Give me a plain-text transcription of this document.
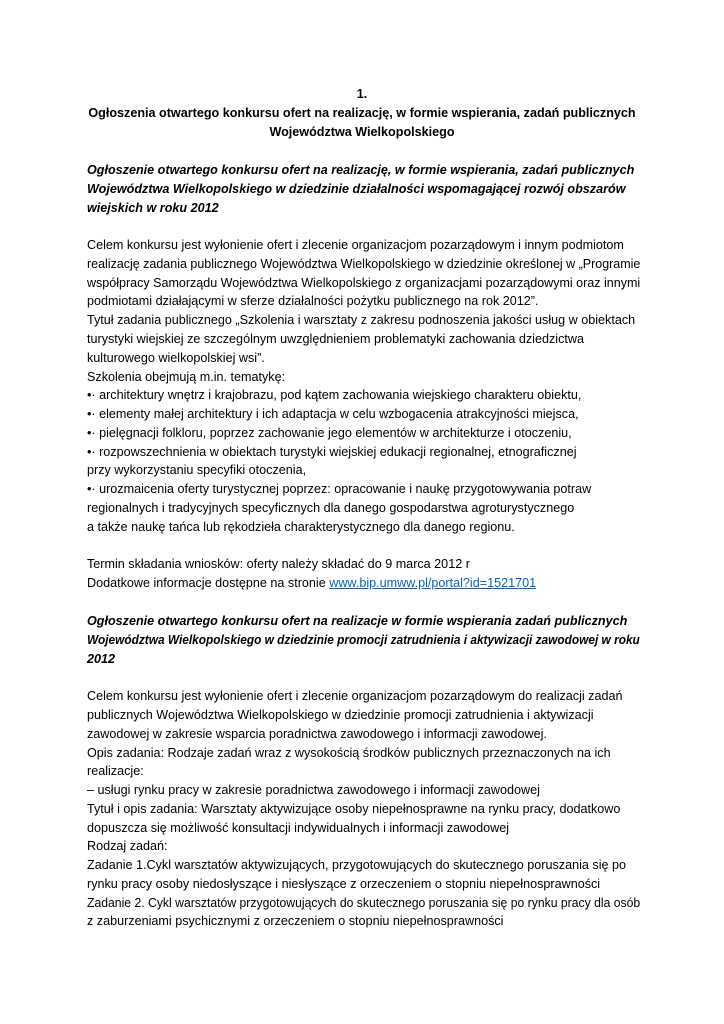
1.
Ogłoszenia otwartego konkursu ofert na realizację, w formie wspierania, zadań publicznych
Województwa Wielkopolskiego
Ogłoszenie otwartego konkursu ofert na realizację, w formie wspierania, zadań publicznych
Województwa Wielkopolskiego w dziedzinie działalności wspomagającej rozwój obszarów
wiejskich w roku 2012
Celem konkursu jest wyłonienie ofert i zlecenie organizacjom pozarządowym i innym podmiotom
realizację zadania publicznego Województwa Wielkopolskiego w dziedzinie określonej w „Programie
współpracy Samorządu Województwa Wielkopolskiego z organizacjami pozarządowymi oraz innymi
podmiotami działającymi w sferze działalności pożytku publicznego na rok 2012”.
Tytuł zadania publicznego „Szkolenia i warsztaty z zakresu podnoszenia jakości usług w obiektach
turystyki wiejskiej ze szczególnym uwzględnieniem problematyki zachowania dziedzictwa
kulturowego wielkopolskiej wsi”.
Szkolenia obejmują m.in. tematykę:
•· architektury wnętrz i krajobrazu, pod kątem zachowania wiejskiego charakteru obiektu,
•· elementy małej architektury i ich adaptacja w celu wzbogacenia atrakcyjności miejsca,
•· pielęgnacji folkloru, poprzez zachowanie jego elementów w architekturze i otoczeniu,
•· rozpowszechnienia w obiektach turystyki wiejskiej edukacji regionalnej, etnograficznej
przy wykorzystaniu specyfiki otoczenia,
•· urozmaicenia oferty turystycznej poprzez: opracowanie i naukę przygotowywania potraw
regionalnych i tradycyjnych specyficznych dla danego gospodarstwa agroturystycznego
a także naukę tańca lub rękodzieła charakterystycznego dla danego regionu.
Termin składania wniosków: oferty należy składać do 9 marca 2012 r
Dodatkowe informacje dostępne na stronie www.bip.umww.pl/portal?id=1521701
Ogłoszenie otwartego konkursu ofert na realizacje w formie wspierania zadań publicznych
Województwa Wielkopolskiego w dziedzinie promocji zatrudnienia i aktywizacji zawodowej w roku
2012
Celem konkursu jest wyłonienie ofert i zlecenie organizacjom pozarządowym do realizacji zadań
publicznych Województwa Wielkopolskiego w dziedzinie promocji zatrudnienia i aktywizacji
zawodowej w zakresie wsparcia poradnictwa zawodowego i informacji zawodowej.
Opis zadania: Rodzaje zadań wraz z wysokością środków publicznych przeznaczonych na ich
realizacje:
– usługi rynku pracy w zakresie poradnictwa zawodowego i informacji zawodowej
Tytuł i opis zadania: Warsztaty aktywizujące osoby niepełnosprawne na rynku pracy, dodatkowo
dopuszcza się możliwość konsultacji indywidualnych i informacji zawodowej
Rodzaj zadań:
Zadanie 1.Cykl warsztatów aktywizujących, przygotowujących do skutecznego poruszania się po
rynku pracy osoby niedosłyszące i niesłyszące z orzeczeniem o stopniu niepełnosprawności
Zadanie 2. Cykl warsztatów przygotowujących do skutecznego poruszania się po rynku pracy dla osób
z zaburzeniami psychicznymi z orzeczeniem o stopniu niepełnosprawności
